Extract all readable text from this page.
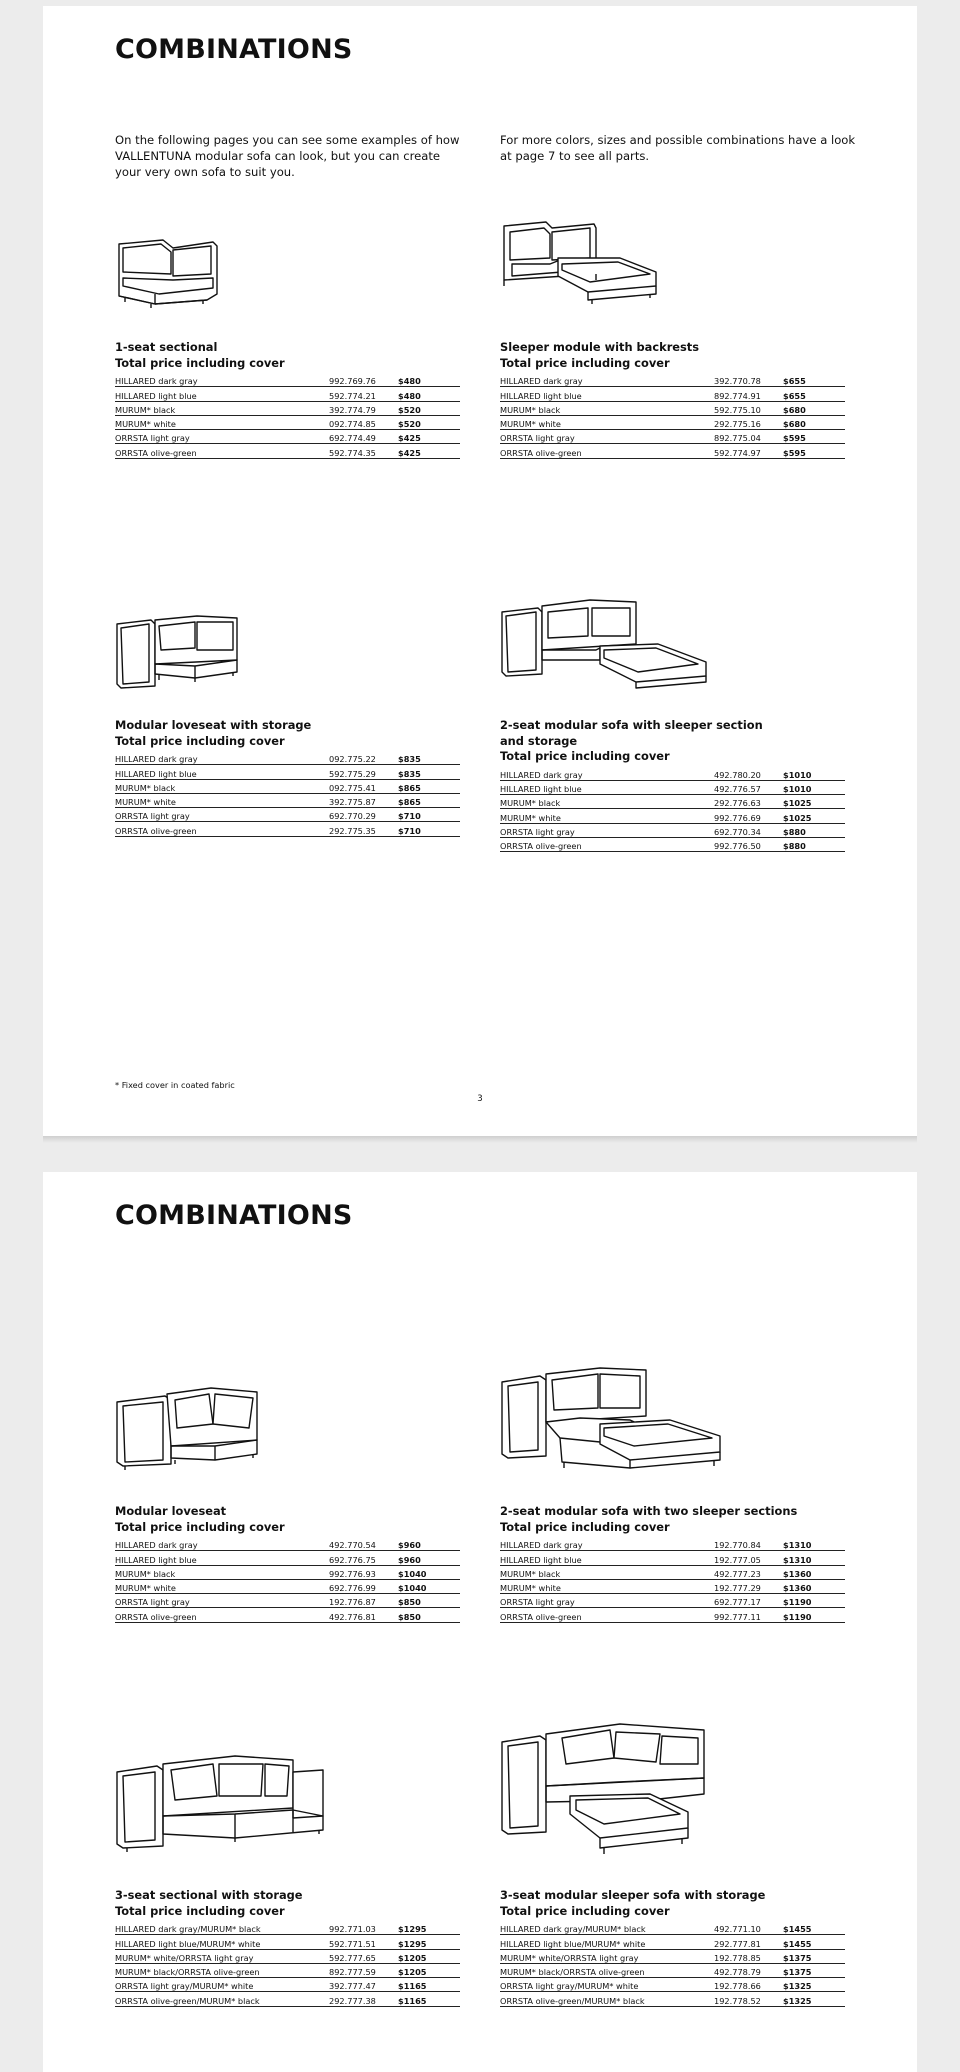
COMBINATIONS

On the following pages you can see some examples of how VALLENTUNA modular sofa can look, but you can create your very own sofa to suit you.

For more colors, sizes and possible combinations have a look at page 7 to see all parts.

1-seat sectional

Total price including cover

HILLARED dark gray	992.769.76	$480
HILLARED light blue	592.774.21	$480
MURUM* black	392.774.79	$520
MURUM* white	092.774.85	$520
ORRSTA light gray	692.774.49	$425
ORRSTA olive-green	592.774.35	$425

Sleeper module with backrests

Total price including cover

HILLARED dark gray	392.770.78	$655
HILLARED light blue	892.774.91	$655
MURUM* black	592.775.10	$680
MURUM* white	292.775.16	$680
ORRSTA light gray	892.775.04	$595
ORRSTA olive-green	592.774.97	$595

Modular loveseat with storage

Total price including cover

HILLARED dark gray	092.775.22	$835
HILLARED light blue	592.775.29	$835
MURUM* black	092.775.41	$865
MURUM* white	392.775.87	$865
ORRSTA light gray	692.770.29	$710
ORRSTA olive-green	292.775.35	$710

2-seat modular sofa with sleeper section and storage

Total price including cover

HILLARED dark gray	492.780.20	$1010
HILLARED light blue	492.776.57	$1010
MURUM* black	292.776.63	$1025
MURUM* white	992.776.69	$1025
ORRSTA light gray	692.770.34	$880
ORRSTA olive-green	992.776.50	$880

* Fixed cover in coated fabric

3

COMBINATIONS

Modular loveseat

Total price including cover

HILLARED dark gray	492.770.54	$960
HILLARED light blue	692.776.75	$960
MURUM* black	992.776.93	$1040
MURUM* white	692.776.99	$1040
ORRSTA light gray	192.776.87	$850
ORRSTA olive-green	492.776.81	$850

2-seat modular sofa with two sleeper sections

Total price including cover

HILLARED dark gray	192.770.84	$1310
HILLARED light blue	192.777.05	$1310
MURUM* black	492.777.23	$1360
MURUM* white	192.777.29	$1360
ORRSTA light gray	692.777.17	$1190
ORRSTA olive-green	992.777.11	$1190

3-seat sectional with storage

Total price including cover

HILLARED dark gray/MURUM* black	992.771.03	$1295
HILLARED light blue/MURUM* white	592.771.51	$1295
MURUM* white/ORRSTA light gray	592.777.65	$1205
MURUM* black/ORRSTA olive-green	892.777.59	$1205
ORRSTA light gray/MURUM* white	392.777.47	$1165
ORRSTA olive-green/MURUM* black	292.777.38	$1165

3-seat modular sleeper sofa with storage

Total price including cover

HILLARED dark gray/MURUM* black	492.771.10	$1455
HILLARED light blue/MURUM* white	292.777.81	$1455
MURUM* white/ORRSTA light gray	192.778.85	$1375
MURUM* black/ORRSTA olive-green	492.778.79	$1375
ORRSTA light gray/MURUM* white	192.778.66	$1325
ORRSTA olive-green/MURUM* black	192.778.52	$1325
